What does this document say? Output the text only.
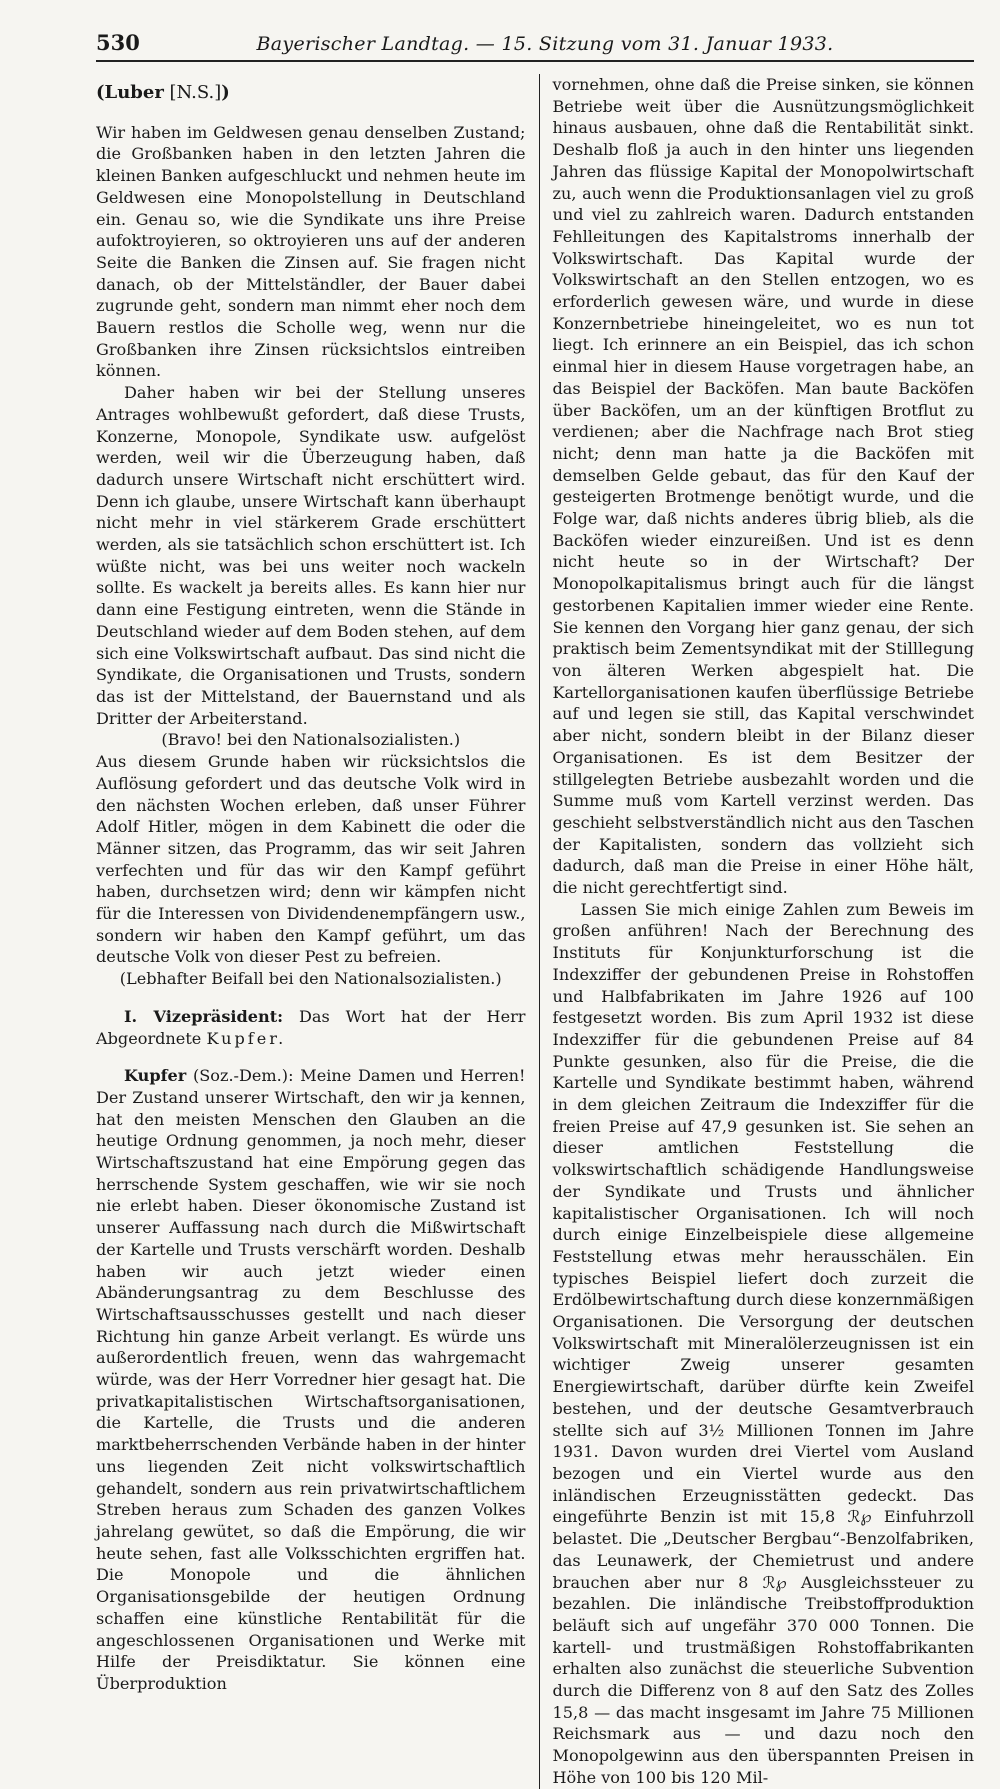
530	Bayerischer Landtag. — 15. Sitzung vom 31. Januar 1933.
(Luber [N.S.])

Wir haben im Geldwesen genau denselben Zustand; die Großbanken haben in den letzten Jahren die kleinen Banken aufgeschluckt und nehmen heute im Geldwesen eine Monopolstellung in Deutschland ein. Genau so, wie die Syndikate uns ihre Preise aufoktroyieren, so oktroyieren uns auf der anderen Seite die Banken die Zinsen auf. Sie fragen nicht danach, ob der Mittelständler, der Bauer dabei zugrunde geht, sondern man nimmt eher noch dem Bauern restlos die Scholle weg, wenn nur die Großbanken ihre Zinsen rücksichtslos eintreiben können.

Daher haben wir bei der Stellung unseres Antrages wohlbewußt gefordert, daß diese Trusts, Konzerne, Monopole, Syndikate usw. aufgelöst werden, weil wir die Überzeugung haben, daß dadurch unsere Wirtschaft nicht erschüttert wird. Denn ich glaube, unsere Wirtschaft kann überhaupt nicht mehr in viel stärkerem Grade erschüttert werden, als sie tatsächlich schon erschüttert ist. Ich wüßte nicht, was bei uns weiter noch wackeln sollte. Es wackelt ja bereits alles. Es kann hier nur dann eine Festigung eintreten, wenn die Stände in Deutschland wieder auf dem Boden stehen, auf dem sich eine Volkswirtschaft aufbaut. Das sind nicht die Syndikate, die Organisationen und Trusts, sondern das ist der Mittelstand, der Bauernstand und als Dritter der Arbeiterstand.

(Bravo! bei den Nationalsozialisten.)

Aus diesem Grunde haben wir rücksichtslos die Auflösung gefordert und das deutsche Volk wird in den nächsten Wochen erleben, daß unser Führer Adolf Hitler, mögen in dem Kabinett die oder die Männer sitzen, das Programm, das wir seit Jahren verfechten und für das wir den Kampf geführt haben, durchsetzen wird; denn wir kämpfen nicht für die Interessen von Dividendenempfängern usw., sondern wir haben den Kampf geführt, um das deutsche Volk von dieser Pest zu befreien.

(Lebhafter Beifall bei den Nationalsozialisten.)

I. Vizepräsident: Das Wort hat der Herr Abgeordnete Kupfer.

Kupfer (Soz.-Dem.): Meine Damen und Herren! Der Zustand unserer Wirtschaft, den wir ja kennen, hat den meisten Menschen den Glauben an die heutige Ordnung genommen, ja noch mehr, dieser Wirtschaftszustand hat eine Empörung gegen das herrschende System geschaffen, wie wir sie noch nie erlebt haben. Dieser ökonomische Zustand ist unserer Auffassung nach durch die Mißwirtschaft der Kartelle und Trusts verschärft worden. Deshalb haben wir auch jetzt wieder einen Abänderungsantrag zu dem Beschlusse des Wirtschaftsausschusses gestellt und nach dieser Richtung hin ganze Arbeit verlangt. Es würde uns außerordentlich freuen, wenn das wahrgemacht würde, was der Herr Vorredner hier gesagt hat. Die privatkapitalistischen Wirtschaftsorganisationen, die Kartelle, die Trusts und die anderen marktbeherrschenden Verbände haben in der hinter uns liegenden Zeit nicht volkswirtschaftlich gehandelt, sondern aus rein privatwirtschaftlichem Streben heraus zum Schaden des ganzen Volkes jahrelang gewütet, so daß die Empörung, die wir heute sehen, fast alle Volksschichten ergriffen hat. Die Monopole und die ähnlichen Organisationsgebilde der heutigen Ordnung schaffen eine künstliche Rentabilität für die angeschlossenen Organisationen und Werke mit Hilfe der Preisdiktatur. Sie können eine Überproduktion

vornehmen, ohne daß die Preise sinken, sie können Betriebe weit über die Ausnützungsmöglichkeit hinaus ausbauen, ohne daß die Rentabilität sinkt. Deshalb floß ja auch in den hinter uns liegenden Jahren das flüssige Kapital der Monopolwirtschaft zu, auch wenn die Produktionsanlagen viel zu groß und viel zu zahlreich waren. Dadurch entstanden Fehlleitungen des Kapitalstroms innerhalb der Volkswirtschaft. Das Kapital wurde der Volkswirtschaft an den Stellen entzogen, wo es erforderlich gewesen wäre, und wurde in diese Konzernbetriebe hineingeleitet, wo es nun tot liegt. Ich erinnere an ein Beispiel, das ich schon einmal hier in diesem Hause vorgetragen habe, an das Beispiel der Backöfen. Man baute Backöfen über Backöfen, um an der künftigen Brotflut zu verdienen; aber die Nachfrage nach Brot stieg nicht; denn man hatte ja die Backöfen mit demselben Gelde gebaut, das für den Kauf der gesteigerten Brotmenge benötigt wurde, und die Folge war, daß nichts anderes übrig blieb, als die Backöfen wieder einzureißen. Und ist es denn nicht heute so in der Wirtschaft? Der Monopolkapitalismus bringt auch für die längst gestorbenen Kapitalien immer wieder eine Rente. Sie kennen den Vorgang hier ganz genau, der sich praktisch beim Zementsyndikat mit der Stilllegung von älteren Werken abgespielt hat. Die Kartellorganisationen kaufen überflüssige Betriebe auf und legen sie still, das Kapital verschwindet aber nicht, sondern bleibt in der Bilanz dieser Organisationen. Es ist dem Besitzer der stillgelegten Betriebe ausbezahlt worden und die Summe muß vom Kartell verzinst werden. Das geschieht selbstverständlich nicht aus den Taschen der Kapitalisten, sondern das vollzieht sich dadurch, daß man die Preise in einer Höhe hält, die nicht gerechtfertigt sind.

Lassen Sie mich einige Zahlen zum Beweis im großen anführen! Nach der Berechnung des Instituts für Konjunkturforschung ist die Indexziffer der gebundenen Preise in Rohstoffen und Halbfabrikaten im Jahre 1926 auf 100 festgesetzt worden. Bis zum April 1932 ist diese Indexziffer für die gebundenen Preise auf 84 Punkte gesunken, also für die Preise, die die Kartelle und Syndikate bestimmt haben, während in dem gleichen Zeitraum die Indexziffer für die freien Preise auf 47,9 gesunken ist. Sie sehen an dieser amtlichen Feststellung die volkswirtschaftlich schädigende Handlungsweise der Syndikate und Trusts und ähnlicher kapitalistischer Organisationen. Ich will noch durch einige Einzelbeispiele diese allgemeine Feststellung etwas mehr herausschälen. Ein typisches Beispiel liefert doch zurzeit die Erdölbewirtschaftung durch diese konzernmäßigen Organisationen. Die Versorgung der deutschen Volkswirtschaft mit Mineralölerzeugnissen ist ein wichtiger Zweig unserer gesamten Energiewirtschaft, darüber dürfte kein Zweifel bestehen, und der deutsche Gesamtverbrauch stellte sich auf 3½ Millionen Tonnen im Jahre 1931. Davon wurden drei Viertel vom Ausland bezogen und ein Viertel wurde aus den inländischen Erzeugnisstätten gedeckt. Das eingeführte Benzin ist mit 15,8 ℛ℘ Einfuhrzoll belastet. Die „Deutscher Bergbau“-Benzolfabriken, das Leunawerk, der Chemietrust und andere brauchen aber nur 8 ℛ℘ Ausgleichssteuer zu bezahlen. Die inländische Treibstoffproduktion beläuft sich auf ungefähr 370 000 Tonnen. Die kartell- und trustmäßigen Rohstoffabrikanten erhalten also zunächst die steuerliche Subvention durch die Differenz von 8 auf den Satz des Zolles 15,8 — das macht insgesamt im Jahre 75 Millionen Reichsmark aus — und dazu noch den Monopolgewinn aus den überspannten Preisen in Höhe von 100 bis 120 Mil-
